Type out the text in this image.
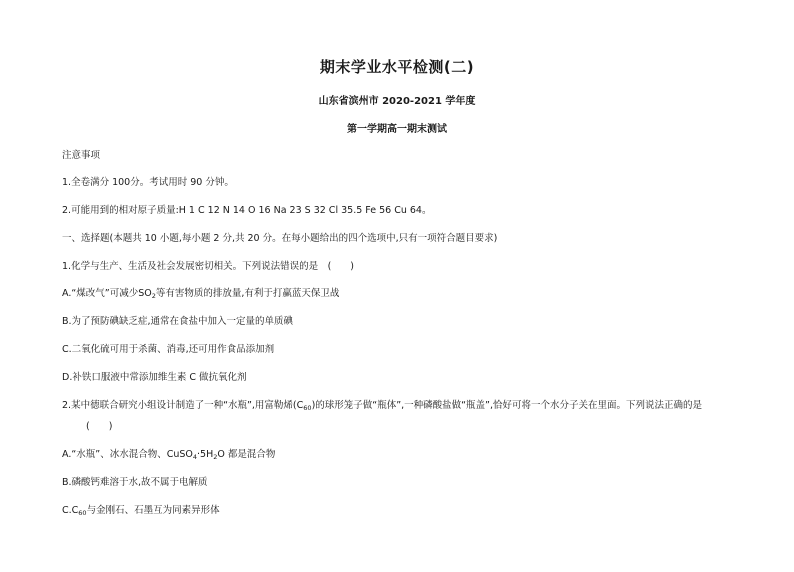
期末学业水平检测(二)
山东省滨州市 2020-2021 学年度
第一学期高一期末测试
注意事项
1.全卷满分 100分。考试用时 90 分钟。
2.可能用到的相对原子质量:H 1 C 12 N 14 O 16 Na 23 S 32 Cl 35.5 Fe 56 Cu 64。
一、选择题(本题共 10 小题,每小题 2 分,共 20 分。在每小题给出的四个选项中,只有一项符合题目要求)
1.化学与生产、生活及社会发展密切相关。下列说法错误的是　(　　)
A.“煤改气”可减少$SO_2$等有害物质的排放量,有利于打赢蓝天保卫战
B.为了预防碘缺乏症,通常在食盐中加入一定量的单质碘
C.二氧化硫可用于杀菌、消毒,还可用作食品添加剂
D.补铁口服液中常添加维生素 C 做抗氧化剂
2.某中德联合研究小组设计制造了一种“水瓶”,用富勒烯$(C_{60})$的球形笼子做“瓶体”,一种磷酸盐做“瓶盖”,恰好可将一个水分子关在里面。下列说法正确的是
(　　)
A.“水瓶”、冰水混合物、$CuSO_4\cdot 5H_2O$ 都是混合物
B.磷酸钙难溶于水,故不属于电解质
$C.C_{60}$与金刚石、石墨互为同素异形体
